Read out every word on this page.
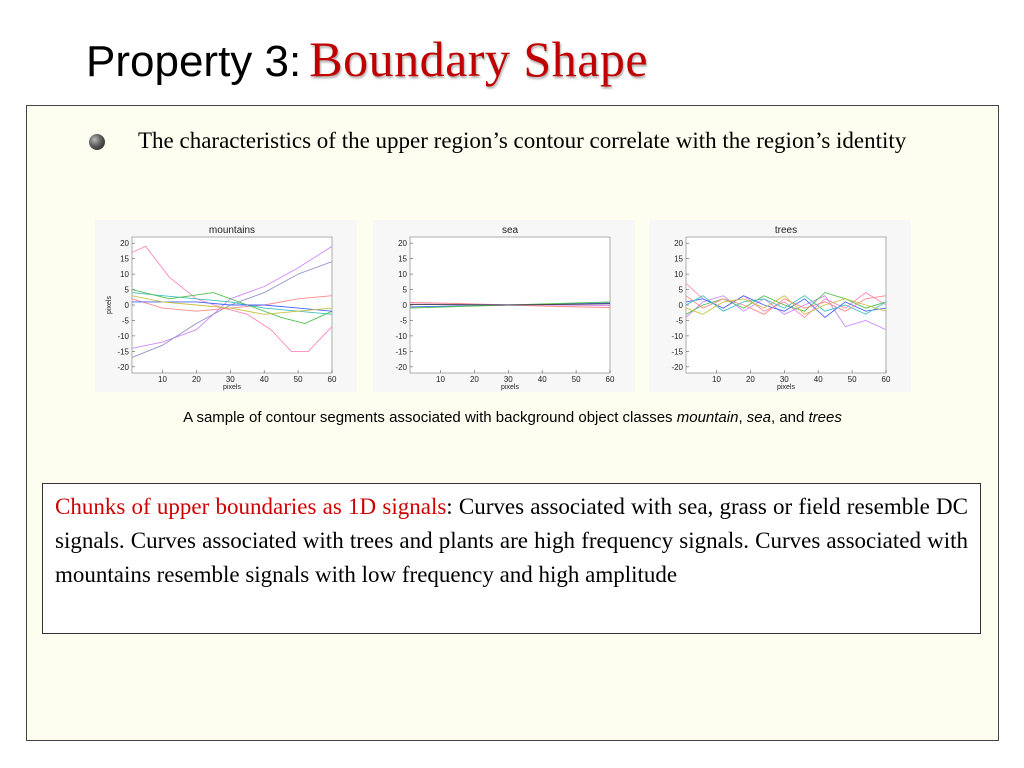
Property 3: Boundary Shape
The characteristics of the upper region’s contour correlate with the region’s identity
mountains
10	20	30	40	50	60
20
15
10
5
0
-5
-10
-15
-20
pixels
pixels
sea
10	20	30	40	50	60
20
15
10
5
0
-5
-10
-15
-20
pixels
trees
10	20	30	40	50	60
20
15
10
5
0
-5
-10
-15
-20
pixels
A sample of contour segments associated with background object classes mountain, sea, and trees
Chunks of upper boundaries as 1D signals: Curves associated with sea, grass or field resemble DC signals. Curves associated with trees and plants are high frequency signals. Curves associated with mountains resemble signals with low frequency and high amplitude
